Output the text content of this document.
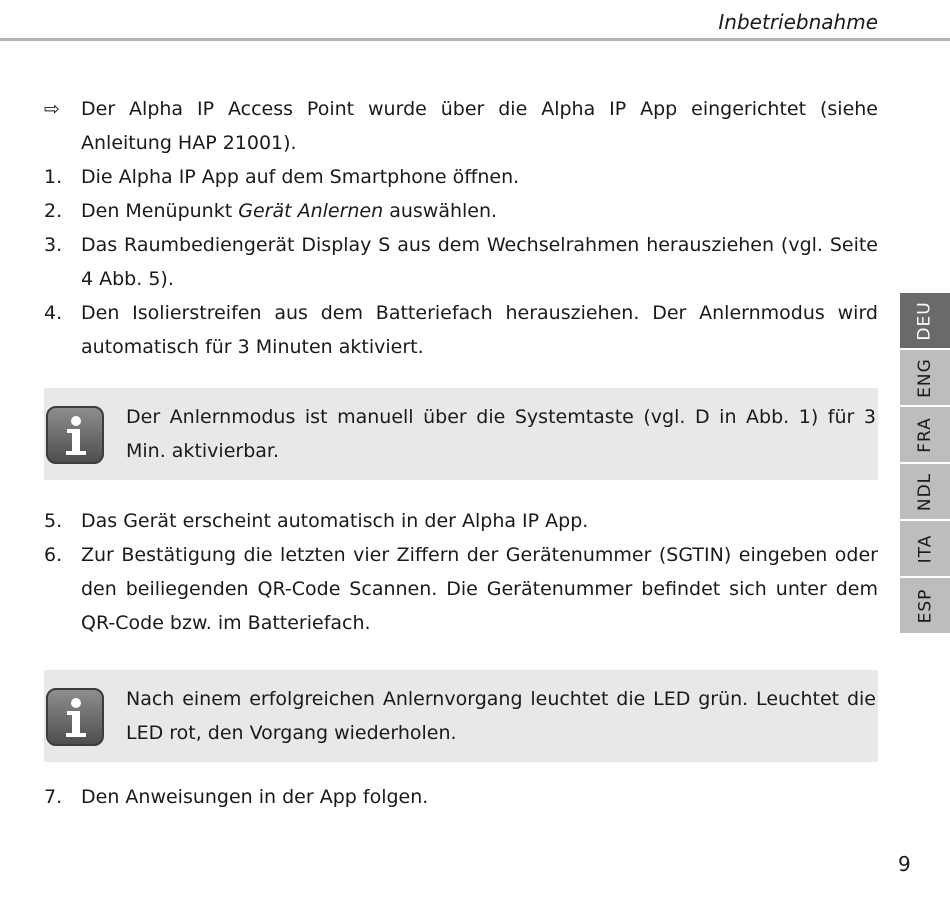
Inbetriebnahme
⇨	Der Alpha IP Access Point wurde über die Alpha IP App eingerichtet (siehe Anleitung HAP 21001).
1. Die Alpha IP App auf dem Smartphone öffnen.
2. Den Menüpunkt Gerät Anlernen auswählen.
3. Das Raumbediengerät Display S aus dem Wechselrahmen herausziehen (vgl. Seite 4 Abb. 5).
4. Den Isolierstreifen aus dem Batteriefach herausziehen. Der Anlernmodus wird automatisch für 3 Minuten aktiviert.
Der Anlernmodus ist manuell über die Systemtaste (vgl. D in Abb. 1) für 3 Min. aktivierbar.
5. Das Gerät erscheint automatisch in der Alpha IP App.
6. Zur Bestätigung die letzten vier Ziffern der Gerätenummer (SGTIN) eingeben oder den beiliegenden QR-Code Scannen. Die Gerätenummer befindet sich unter dem QR-Code bzw. im Batteriefach.
Nach einem erfolgreichen Anlernvorgang leuchtet die LED grün. Leuchtet die LED rot, den Vorgang wiederholen.
7. Den Anweisungen in der App folgen.
DEU
ENG
FRA
NDL
ITA
ESP
9
